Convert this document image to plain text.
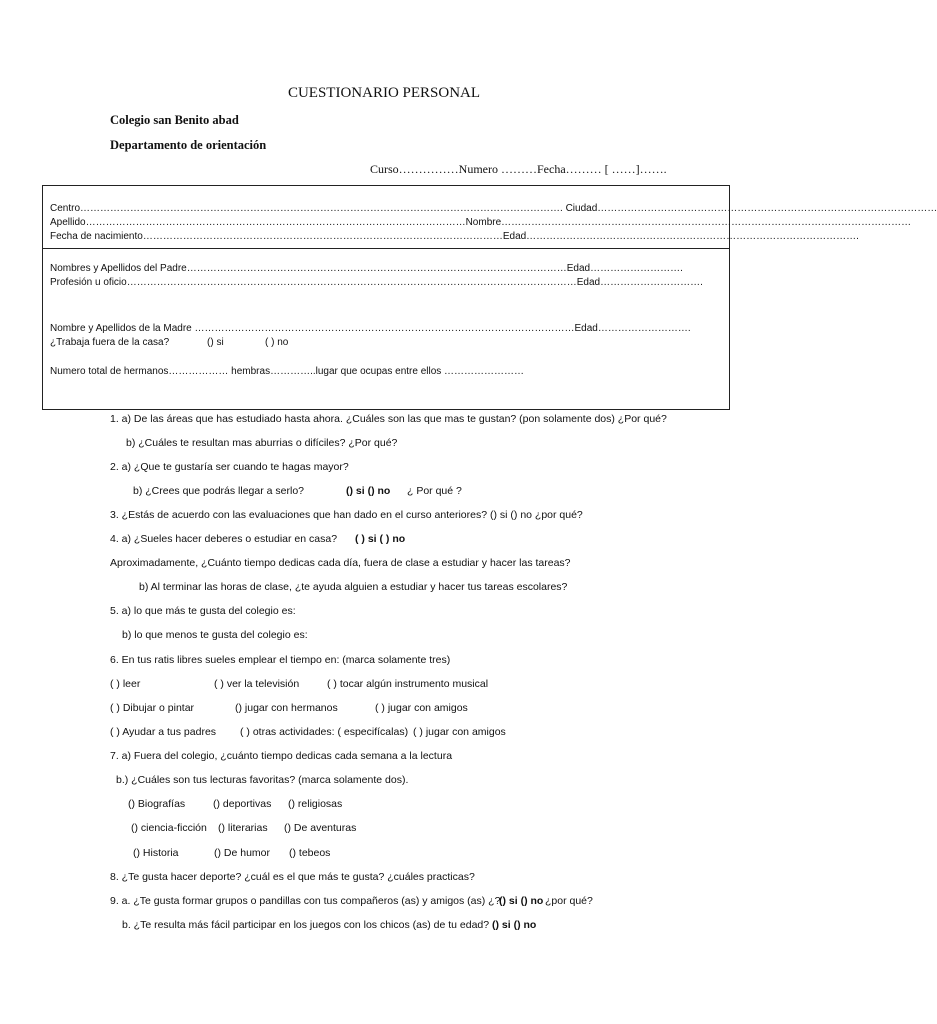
CUESTIONARIO PERSONAL
Colegio san Benito abad
Departamento de orientación
Curso……………Numero ………Fecha……… [ ……]…….
Centro………………………………………………………………………………………………………………………………. Ciudad…………………………………………………………………………………………
Apellido……………………………………………………………………………………………………Nombre……………………………………………………………………………………………………………
Fecha de nacimiento………………………………………………………………………………………………Edad……………………………………………………………………………………….
Nombres y Apellidos del Padre……………………………………………………………………………………………………Edad……………………….
Profesión u oficio………………………………………………………………………………………………………………………Edad………………………….
Nombre y Apellidos de la Madre ……………………………………………………………………………………………………Edad……………………….
¿Trabaja fuera de la casa?	() si	( ) no
Numero total de hermanos……………… hembras…………..lugar que ocupas entre ellos ……………………
1. a) De las áreas que has estudiado hasta ahora. ¿Cuáles son las que mas te gustan? (pon solamente dos) ¿Por qué?
b) ¿Cuáles te resultan mas aburrias o difíciles? ¿Por qué?
2. a) ¿Que te gustaría ser cuando te hagas mayor?
b) ¿Crees que podrás llegar a serlo?	() si () no ¿ Por qué ?
3. ¿Estás de acuerdo con las evaluaciones que han dado en el curso anteriores? () si () no ¿por qué?
4. a) ¿Sueles hacer deberes o estudiar en casa? ( ) si ( ) no
Aproximadamente, ¿Cuánto tiempo dedicas cada día, fuera de clase a estudiar y hacer las tareas?
b) Al terminar las horas de clase, ¿te ayuda alguien a estudiar y hacer tus tareas escolares?
5. a) lo que más te gusta del colegio es:
b) lo que menos te gusta del colegio es:
6. En tus ratis libres sueles emplear el tiempo en: (marca solamente tres)
( ) leer	( ) ver la televisión	( ) tocar algún instrumento musical
( ) Dibujar o pintar	() jugar con hermanos	( ) jugar con amigos
( ) Ayudar a tus padres ( ) otras actividades: ( especifícalas) ( ) jugar con amigos
7. a) Fuera del colegio, ¿cuánto tiempo dedicas cada semana a la lectura
b.) ¿Cuáles son tus lecturas favoritas? (marca solamente dos).
() Biografías	() deportivas () religiosas
() ciencia-ficción () literarias () De aventuras
() Historia	() De humor () tebeos
8. ¿Te gusta hacer deporte? ¿cuál es el que más te gusta? ¿cuáles practicas?
9. a. ¿Te gusta formar grupos o pandillas con tus compañeros (as) y amigos (as) ¿?
() si () no ¿por qué?
b. ¿Te resulta más fácil participar en los juegos con los chicos (as) de tu edad? () si () no
